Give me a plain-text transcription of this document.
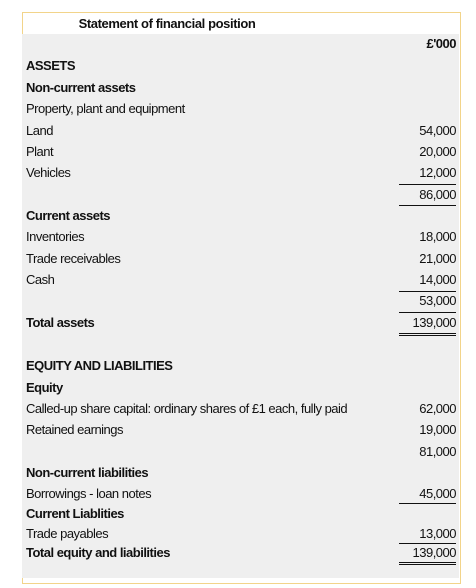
Statement of financial position
£'000
ASSETS
Non-current assets
Property, plant and equipment
Land	54,000
Plant	20,000
Vehicles	12,000
86,000
Current assets
Inventories	18,000
Trade receivables	21,000
Cash	14,000
53,000
Total assets	139,000
EQUITY AND LIABILITIES
Equity
Called-up share capital: ordinary shares of £1 each, fully paid	62,000
Retained earnings	19,000
81,000
Non-current liabilities
Borrowings - loan notes	45,000
Current Liablities
Trade payables	13,000
Total equity and liabilities	139,000
